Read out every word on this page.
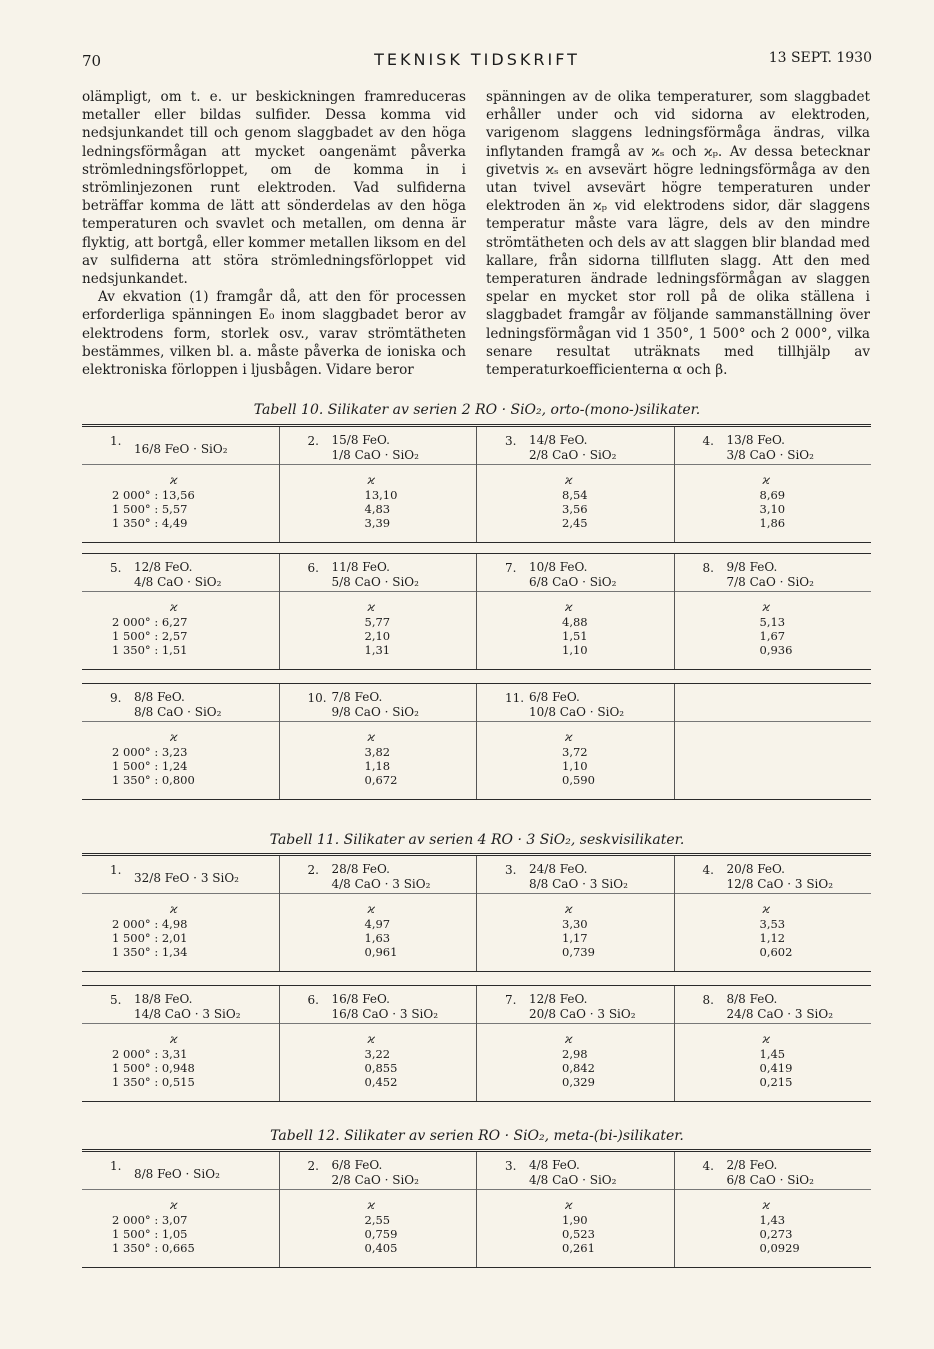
70	TEKNISK TIDSKRIFT	13 SEPT. 1930

olämpligt, om t. e. ur beskickningen framreduceras metaller eller bildas sulfider. Dessa komma vid nedsjunkandet till och genom slaggbadet av den höga ledningsförmågan att mycket oangenämt påverka strömledningsförloppet, om de komma in i strömlinjezonen runt elektroden. Vad sulfiderna beträffar komma de lätt att sönderdelas av den höga temperaturen och svavlet och metallen, om denna är flyktig, att bortgå, eller kommer metallen liksom en del av sulfiderna att störa strömledningsförloppet vid nedsjunkandet.

Av ekvation (1) framgår då, att den för processen erforderliga spänningen E₀ inom slaggbadet beror av elektrodens form, storlek osv., varav strömtätheten bestämmes, vilken bl. a. måste påverka de ioniska och elektroniska förloppen i ljusbågen. Vidare beror

spänningen av de olika temperaturer, som slaggbadet erhåller under och vid sidorna av elektroden, varigenom slaggens ledningsförmåga ändras, vilka inflytanden framgå av ϰₛ och ϰₚ. Av dessa betecknar givetvis ϰₛ en avsevärt högre ledningsförmåga av den utan tvivel avsevärt högre temperaturen under elektroden än ϰₚ vid elektrodens sidor, där slaggens temperatur måste vara lägre, dels av den mindre strömtätheten och dels av att slaggen blir blandad med kallare, från sidorna tillfluten slagg. Att den med temperaturen ändrade ledningsförmågan av slaggen spelar en mycket stor roll på de olika ställena i slaggbadet framgår av följande sammanställning över ledningsförmågan vid 1 350°, 1 500° och 2 000°, vilka senare resultat uträknats med tillhjälp av temperaturkoefficienterna α och β.

Tabell 10. Silikater av serien 2 RO · SiO₂, orto-(mono-)silikater.
1.
16/8 FeO · SiO₂
ϰ
2 000° : 13,56
1 500° : 5,57
1 350° : 4,49
2. 15/8 FeO.
1/8 CaO · SiO₂
ϰ
13,10
4,83
3,39
3. 14/8 FeO.
2/8 CaO · SiO₂
ϰ
8,54
3,56
2,45
4. 13/8 FeO.
3/8 CaO · SiO₂
ϰ
8,69
3,10
1,86
5. 12/8 FeO.
4/8 CaO · SiO₂
ϰ
2 000° : 6,27
1 500° : 2,57
1 350° : 1,51
6. 11/8 FeO.
5/8 CaO · SiO₂
ϰ
5,77
2,10
1,31
7. 10/8 FeO.
6/8 CaO · SiO₂
ϰ
4,88
1,51
1,10
8. 9/8 FeO.
7/8 CaO · SiO₂
ϰ
5,13
1,67
0,936
9. 8/8 FeO.
8/8 CaO · SiO₂
ϰ
2 000° : 3,23
1 500° : 1,24
1 350° : 0,800
10. 7/8 FeO.
9/8 CaO · SiO₂
ϰ
3,82
1,18
0,672
11. 6/8 FeO.
10/8 CaO · SiO₂
ϰ
3,72
1,10
0,590
Tabell 11. Silikater av serien 4 RO · 3 SiO₂, seskvisilikater.
1.
32/8 FeO · 3 SiO₂
ϰ
2 000° : 4,98
1 500° : 2,01
1 350° : 1,34
2. 28/8 FeO.
4/8 CaO · 3 SiO₂
ϰ
4,97
1,63
0,961
3. 24/8 FeO.
8/8 CaO · 3 SiO₂
ϰ
3,30
1,17
0,739
4. 20/8 FeO.
12/8 CaO · 3 SiO₂
ϰ
3,53
1,12
0,602
5. 18/8 FeO.
14/8 CaO · 3 SiO₂
ϰ
2 000° : 3,31
1 500° : 0,948
1 350° : 0,515
6. 16/8 FeO.
16/8 CaO · 3 SiO₂
ϰ
3,22
0,855
0,452
7. 12/8 FeO.
20/8 CaO · 3 SiO₂
ϰ
2,98
0,842
0,329
8. 8/8 FeO.
24/8 CaO · 3 SiO₂
ϰ
1,45
0,419
0,215
Tabell 12. Silikater av serien RO · SiO₂, meta-(bi-)silikater.
1.
8/8 FeO · SiO₂
ϰ
2 000° : 3,07
1 500° : 1,05
1 350° : 0,665
2. 6/8 FeO.
2/8 CaO · SiO₂
ϰ
2,55
0,759
0,405
3. 4/8 FeO.
4/8 CaO · SiO₂
ϰ
1,90
0,523
0,261
4. 2/8 FeO.
6/8 CaO · SiO₂
ϰ
1,43
0,273
0,0929
